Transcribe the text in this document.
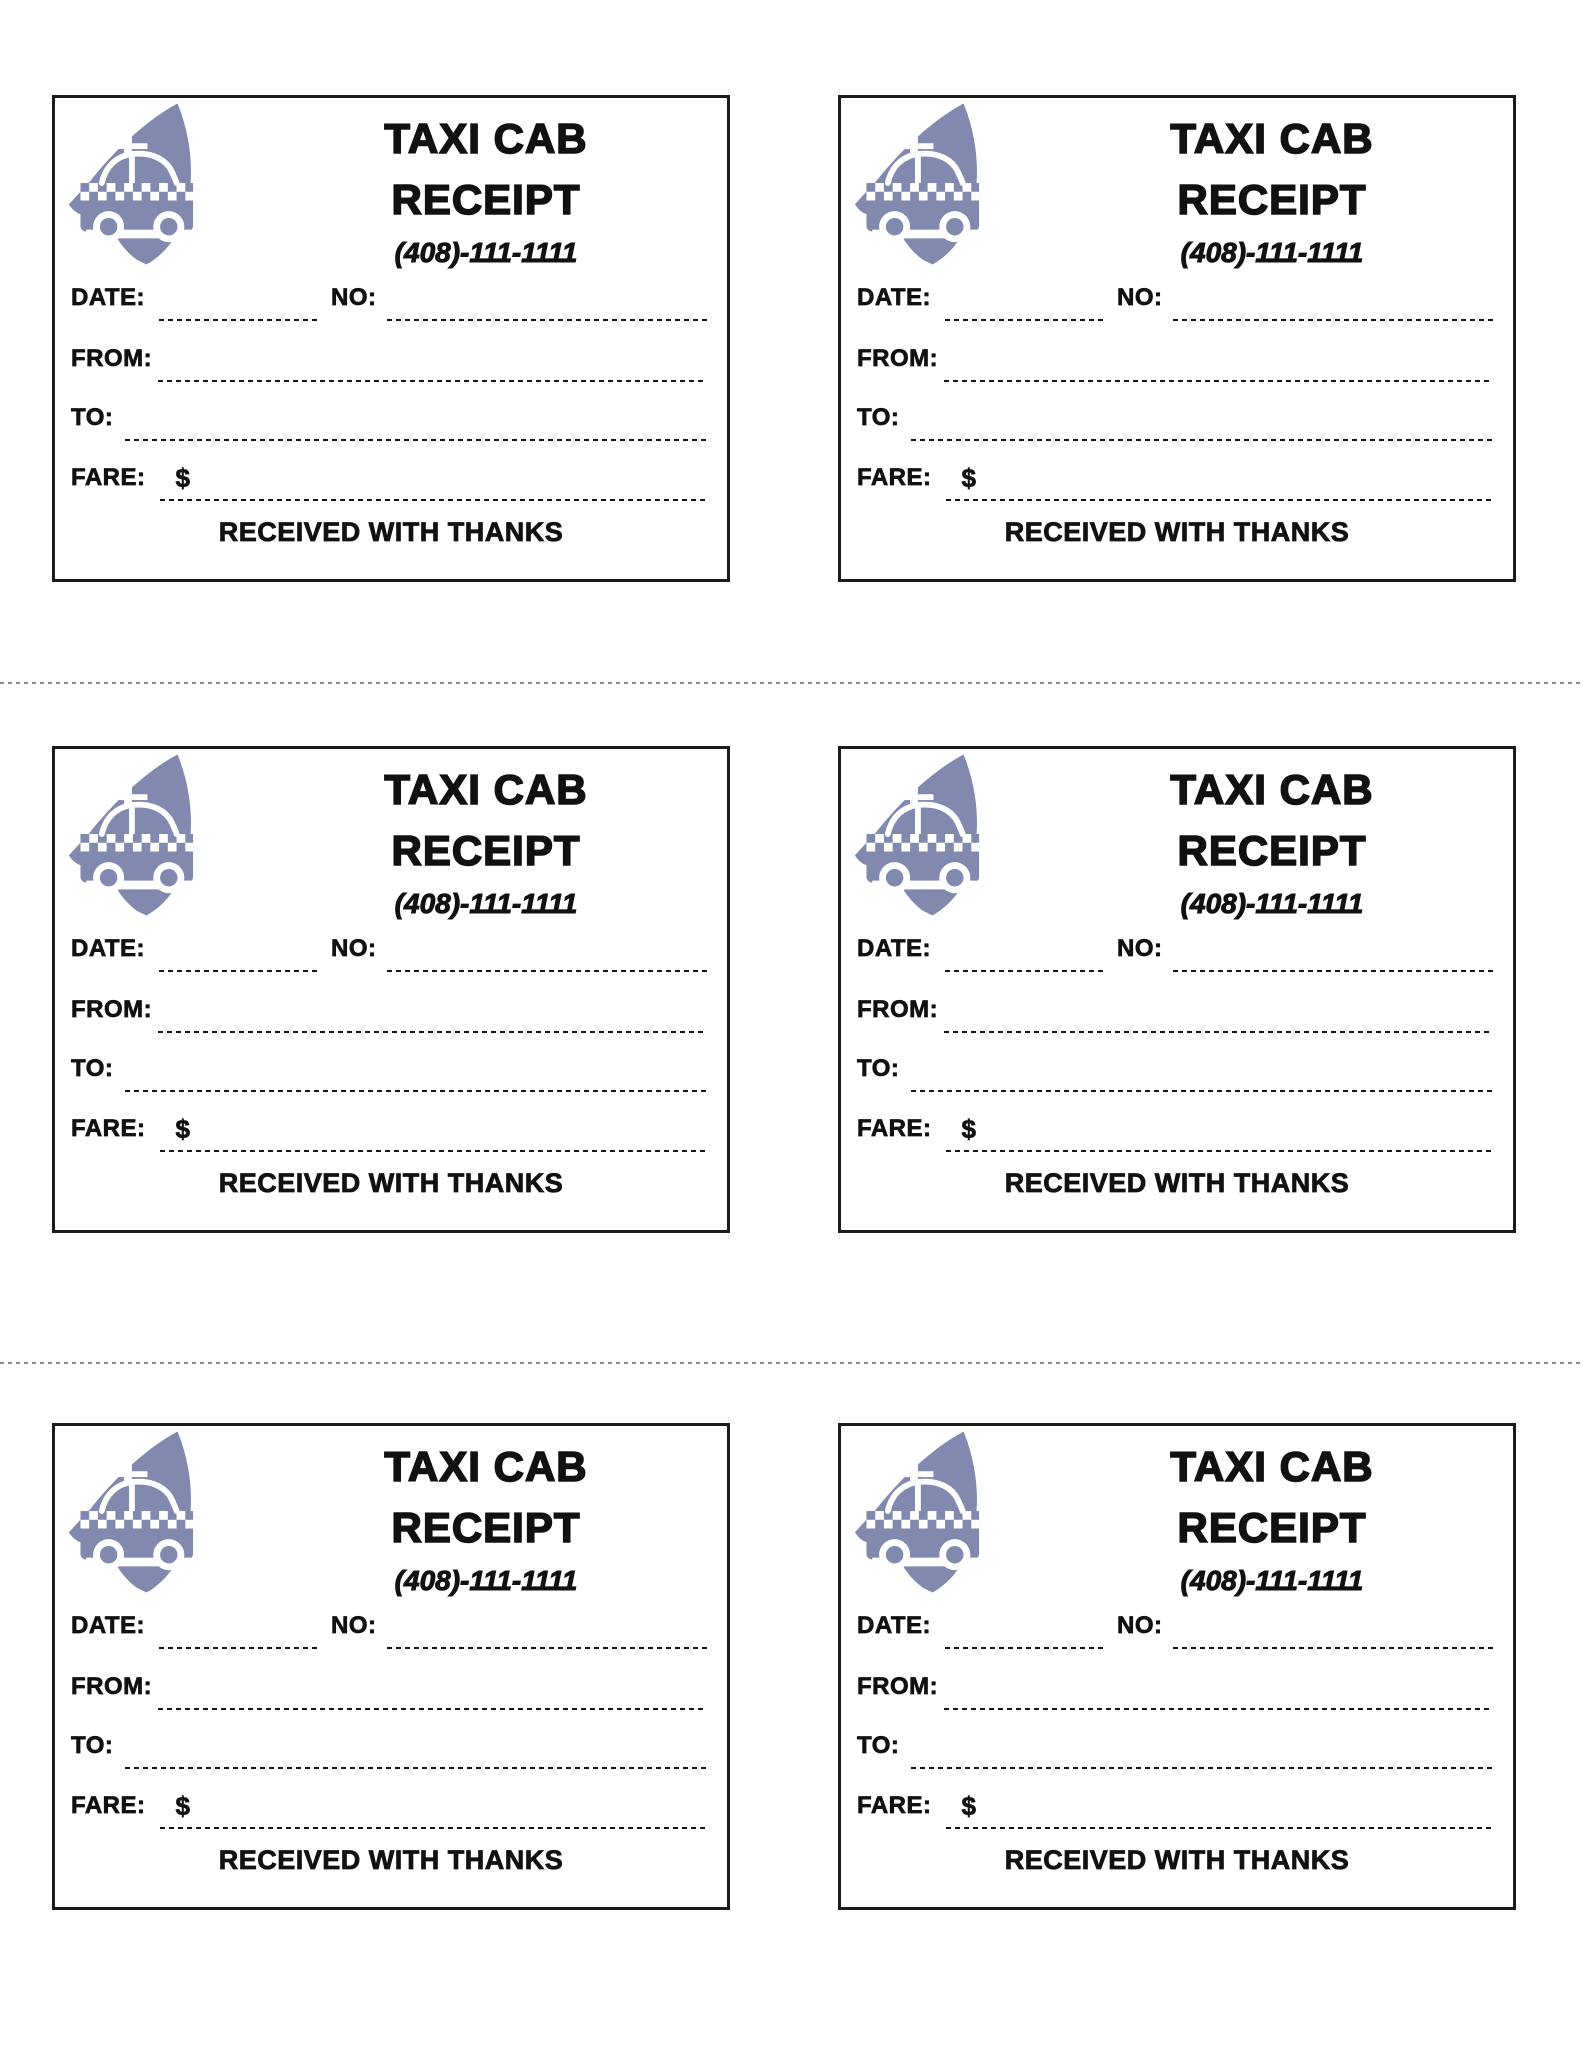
TAXI CAB
RECEIPT
(408)-111-1111
DATE:	NO:
FROM:
TO:
FARE: $
RECEIVED WITH THANKS
TAXI CAB
RECEIPT
(408)-111-1111
DATE:	NO:
FROM:
TO:
FARE: $
RECEIVED WITH THANKS
TAXI CAB
RECEIPT
(408)-111-1111
DATE:	NO:
FROM:
TO:
FARE: $
RECEIVED WITH THANKS
TAXI CAB
RECEIPT
(408)-111-1111
DATE:	NO:
FROM:
TO:
FARE: $
RECEIVED WITH THANKS
TAXI CAB
RECEIPT
(408)-111-1111
DATE:	NO:
FROM:
TO:
FARE: $
RECEIVED WITH THANKS
TAXI CAB
RECEIPT
(408)-111-1111
DATE:	NO:
FROM:
TO:
FARE: $
RECEIVED WITH THANKS
